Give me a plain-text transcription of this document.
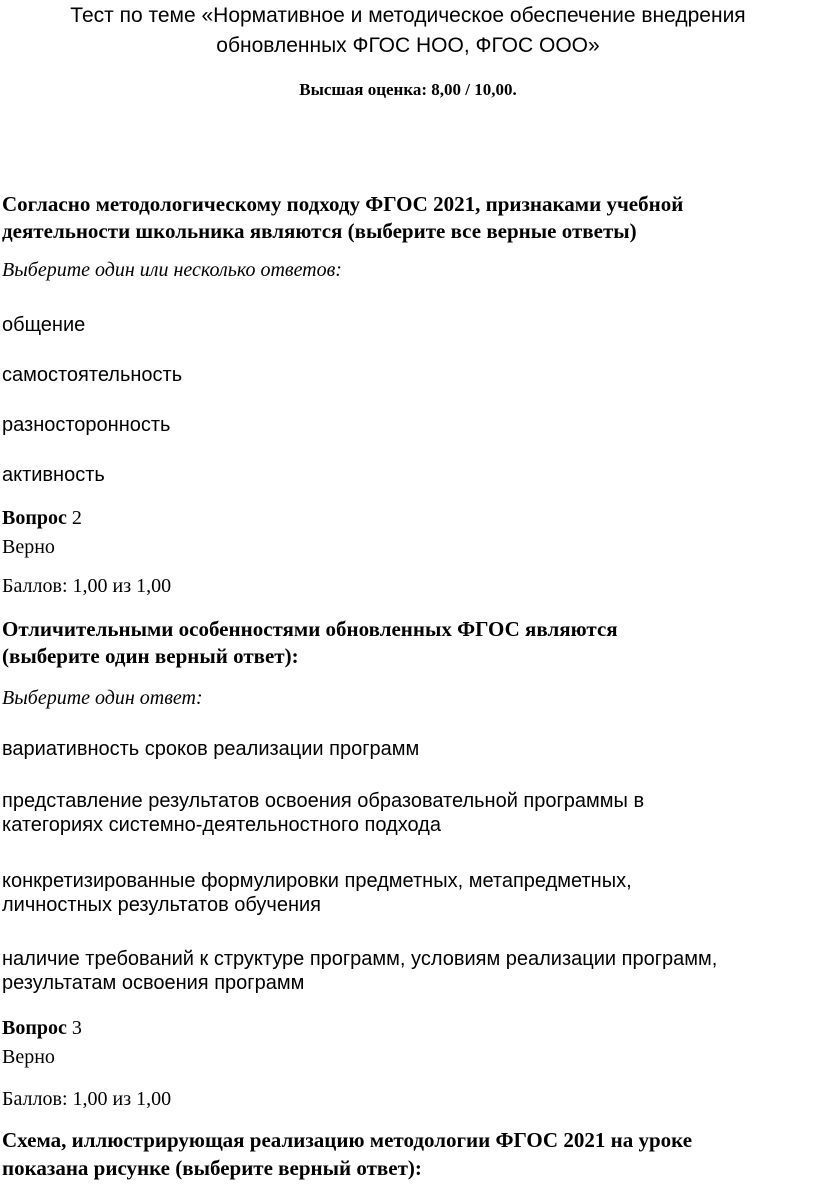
Тест по теме «Нормативное и методическое обеспечение внедрения
обновленных ФГОС НОО, ФГОС ООО»
Высшая оценка: 8,00 / 10,00.
Согласно методологическому подходу ФГОС 2021, признаками учебной
деятельности школьника являются (выберите все верные ответы)
Выберите один или несколько ответов:
общение
самостоятельность
разносторонность
активность
Вопрос 2
Верно
Баллов: 1,00 из 1,00
Отличительными особенностями обновленных ФГОС являются
(выберите один верный ответ):
Выберите один ответ:
вариативность сроков реализации программ
представление результатов освоения образовательной программы в
категориях системно-деятельностного подхода
конкретизированные формулировки предметных, метапредметных,
личностных результатов обучения
наличие требований к структуре программ, условиям реализации программ,
результатам освоения программ
Вопрос 3
Верно
Баллов: 1,00 из 1,00
Схема, иллюстрирующая реализацию методологии ФГОС 2021 на уроке
показана рисунке (выберите верный ответ):
